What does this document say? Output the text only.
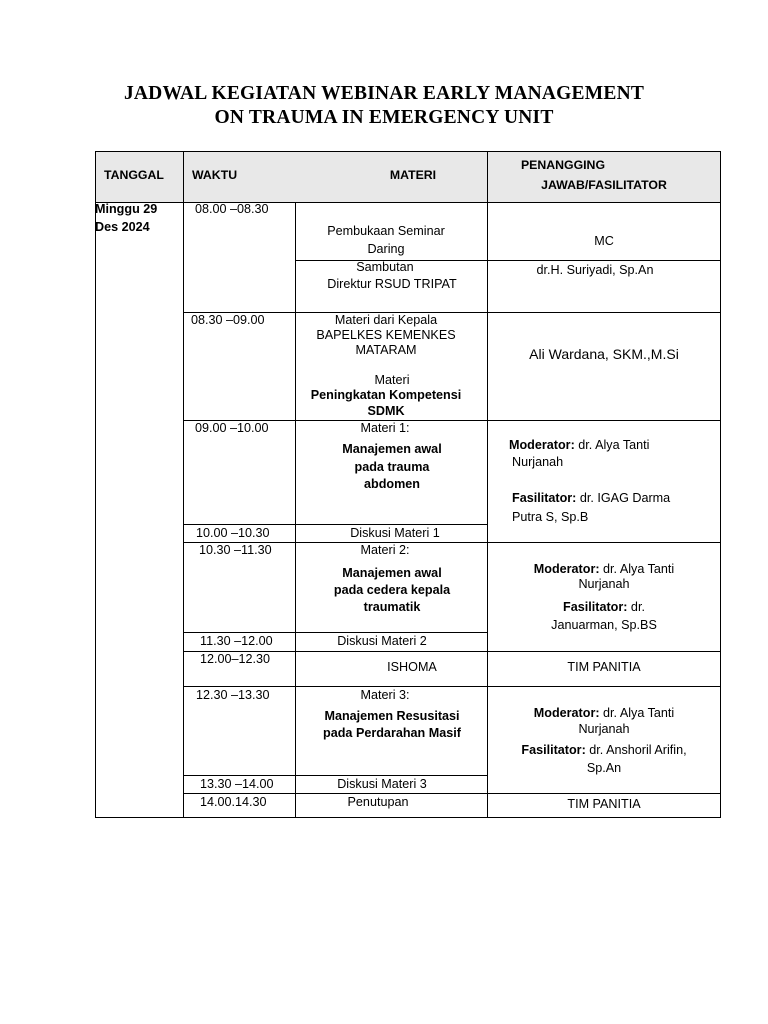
JADWAL KEGIATAN WEBINAR EARLY MANAGEMENT
ON TRAUMA IN EMERGENCY UNIT
TANGGAL WAKTU	MATERI
PENANGGING
JAWAB/FASILITATOR
Minggu 29
Des 2024
08.00 –08.30
08.30 –09.00
09.00 –10.00
10.00 –10.30
10.30 –11.30
11.30 –12.00
12.00–12.30
12.30 –13.30
13.30 –14.00
14.00.14.30
Pembukaan Seminar
Daring
Sambutan
Direktur RSUD TRIPAT
Materi dari Kepala
BAPELKES KEMENKES
MATARAM
Materi
Peningkatan Kompetensi
SDMK
Materi 1:
Manajemen awal
pada trauma
abdomen
Diskusi Materi 1
Materi 2:
Manajemen awal
pada cedera kepala
traumatik
Diskusi Materi 2
ISHOMA
Materi 3:
Manajemen Resusitasi
pada Perdarahan Masif
Diskusi Materi 3
Penutupan
MC
dr.H. Suriyadi, Sp.An
Ali Wardana, SKM.,M.Si
Moderator: dr. Alya Tanti
Nurjanah
Fasilitator: dr. IGAG Darma
Putra S, Sp.B
Moderator: dr. Alya Tanti
Nurjanah
Fasilitator: dr.
Januarman, Sp.BS
TIM PANITIA
Moderator: dr. Alya Tanti
Nurjanah
Fasilitator: dr. Anshoril Arifin,
Sp.An
TIM PANITIA
